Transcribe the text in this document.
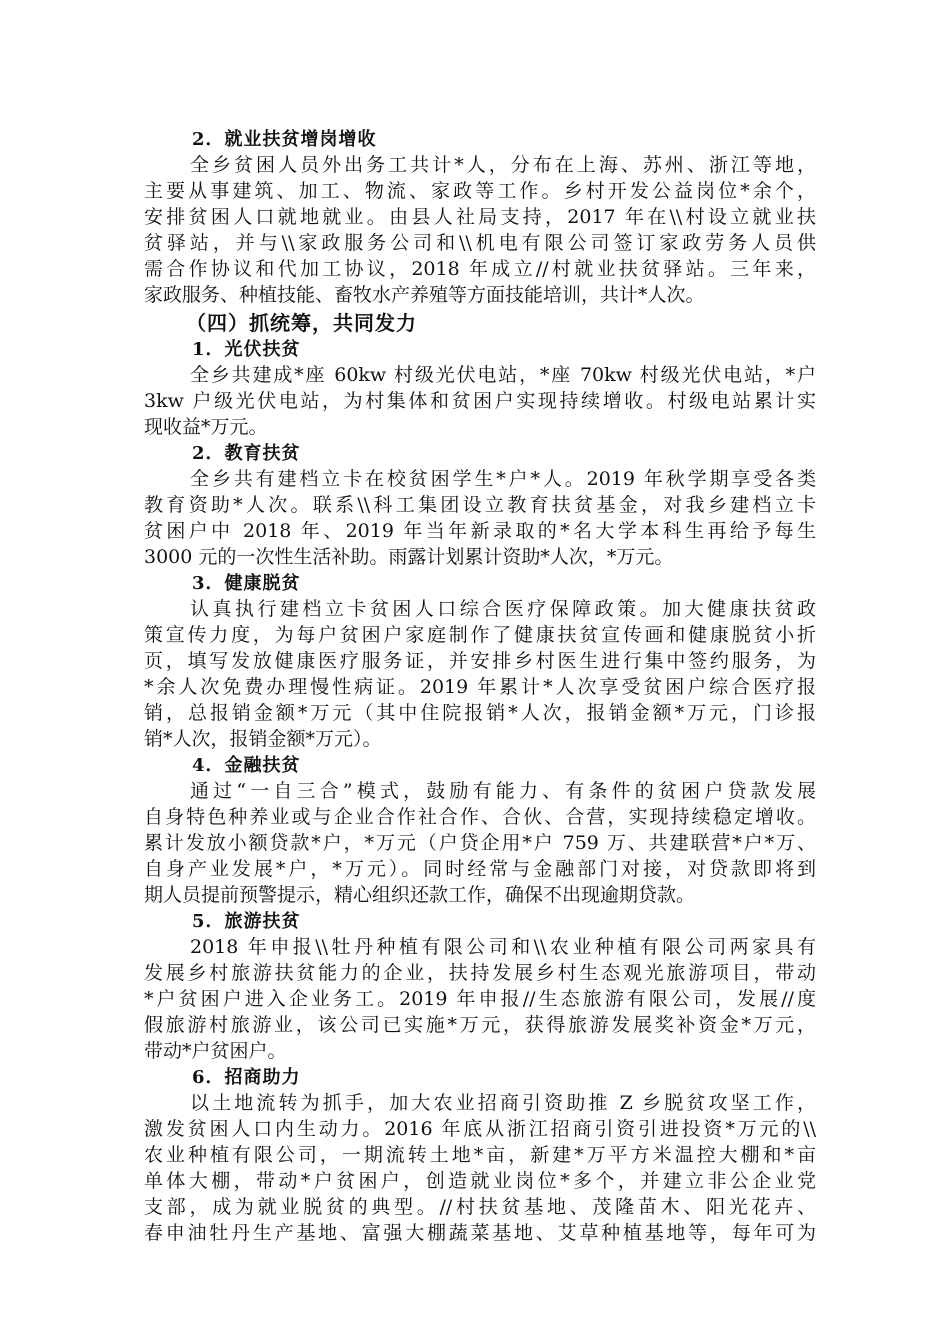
2．就业扶贫增岗增收
全乡贫困人员外出务工共计*人，分布在上海、苏州、浙江等地，
主要从事建筑、加工、物流、家政等工作。乡村开发公益岗位*余个，
安排贫困人口就地就业。由县人社局支持，2017 年在\\村设立就业扶
贫驿站，并与\\家政服务公司和\\机电有限公司签订家政劳务人员供
需合作协议和代加工协议，2018 年成立//村就业扶贫驿站。三年来，
家政服务、种植技能、畜牧水产养殖等方面技能培训，共计*人次。
（四）抓统筹，共同发力
1．光伏扶贫
全乡共建成*座 60kw 村级光伏电站，*座 70kw 村级光伏电站，*户
3kw 户级光伏电站，为村集体和贫困户实现持续增收。村级电站累计实
现收益*万元。
2．教育扶贫
全乡共有建档立卡在校贫困学生*户*人。2019 年秋学期享受各类
教育资助*人次。联系\\科工集团设立教育扶贫基金，对我乡建档立卡
贫困户中 2018 年、2019 年当年新录取的*名大学本科生再给予每生
3000 元的一次性生活补助。雨露计划累计资助*人次，*万元。
3．健康脱贫
认真执行建档立卡贫困人口综合医疗保障政策。加大健康扶贫政
策宣传力度，为每户贫困户家庭制作了健康扶贫宣传画和健康脱贫小折
页，填写发放健康医疗服务证，并安排乡村医生进行集中签约服务，为
*余人次免费办理慢性病证。2019 年累计*人次享受贫困户综合医疗报
销，总报销金额*万元（其中住院报销*人次，报销金额*万元，门诊报
销*人次，报销金额*万元）。
4．金融扶贫
通过“一自三合”模式，鼓励有能力、有条件的贫困户贷款发展
自身特色种养业或与企业合作社合作、合伙、合营，实现持续稳定增收。
累计发放小额贷款*户，*万元（户贷企用*户 759 万、共建联营*户*万、
自身产业发展*户，*万元）。同时经常与金融部门对接，对贷款即将到
期人员提前预警提示，精心组织还款工作，确保不出现逾期贷款。
5．旅游扶贫
2018 年申报\\牡丹种植有限公司和\\农业种植有限公司两家具有
发展乡村旅游扶贫能力的企业，扶持发展乡村生态观光旅游项目，带动
*户贫困户进入企业务工。2019 年申报//生态旅游有限公司，发展//度
假旅游村旅游业，该公司已实施*万元，获得旅游发展奖补资金*万元，
带动*户贫困户。
6．招商助力
以土地流转为抓手，加大农业招商引资助推 Z 乡脱贫攻坚工作，
激发贫困人口内生动力。2016 年底从浙江招商引资引进投资*万元的\\
农业种植有限公司，一期流转土地*亩，新建*万平方米温控大棚和*亩
单体大棚，带动*户贫困户，创造就业岗位*多个，并建立非公企业党
支部，成为就业脱贫的典型。//村扶贫基地、茂隆苗木、阳光花卉、
春申油牡丹生产基地、富强大棚蔬菜基地、艾草种植基地等，每年可为
